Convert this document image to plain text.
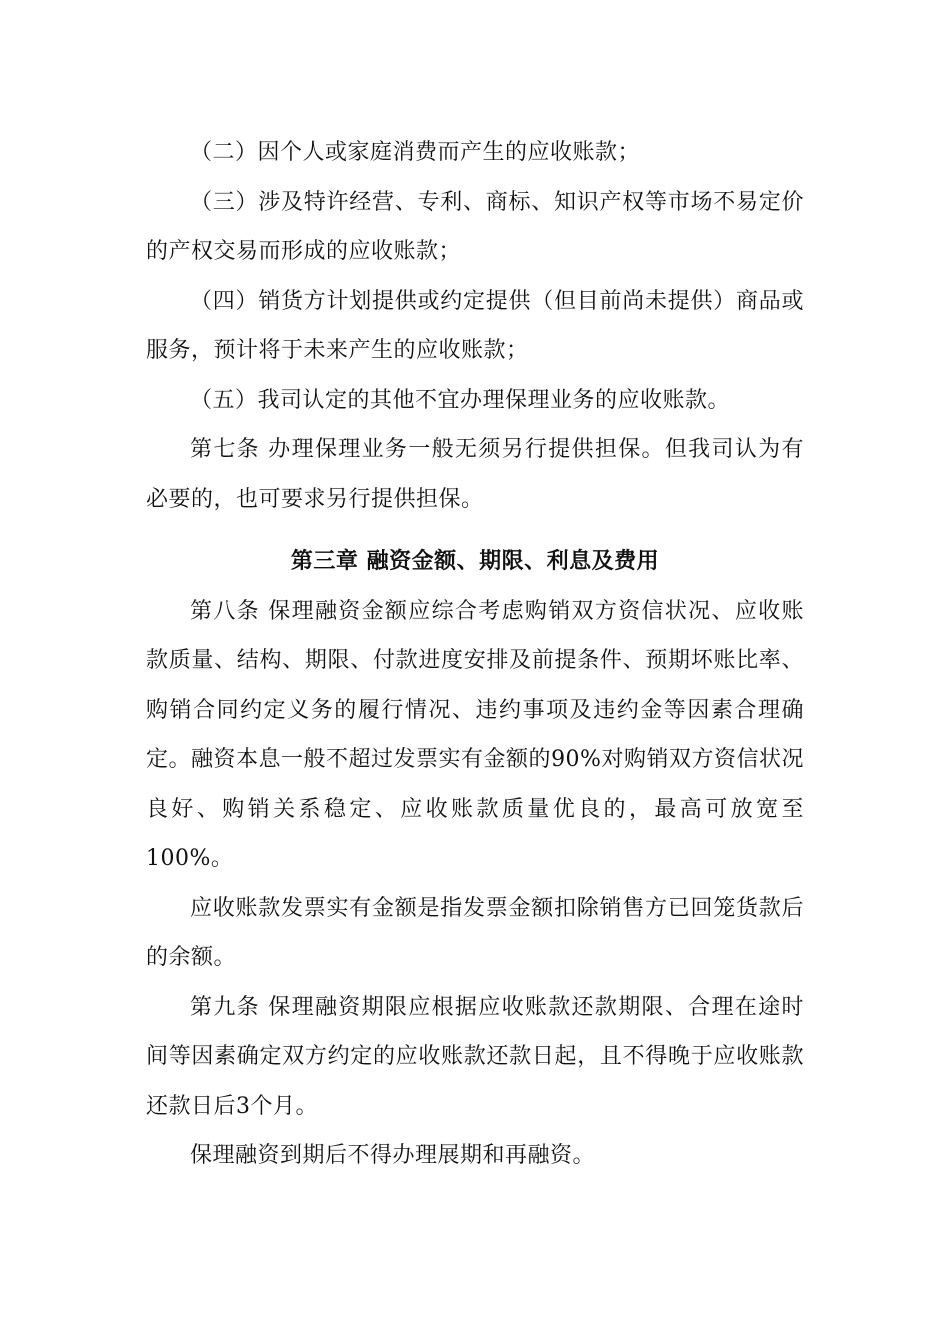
（二）因个人或家庭消费而产生的应收账款；

（三）涉及特许经营、专利、商标、知识产权等市场不易定价的产权交易而形成的应收账款；

（四）销货方计划提供或约定提供（但目前尚未提供）商品或服务，预计将于未来产生的应收账款；

（五）我司认定的其他不宜办理保理业务的应收账款。

第七条 办理保理业务一般无须另行提供担保。但我司认为有必要的，也可要求另行提供担保。

第三章 融资金额、期限、利息及费用

第八条 保理融资金额应综合考虑购销双方资信状况、应收账款质量、结构、期限、付款进度安排及前提条件、预期坏账比率、购销合同约定义务的履行情况、违约事项及违约金等因素合理确定。融资本息一般不超过发票实有金额的90%对购销双方资信状况良好、购销关系稳定、应收账款质量优良的，最高可放宽至100%。

应收账款发票实有金额是指发票金额扣除销售方已回笼货款后的余额。

第九条 保理融资期限应根据应收账款还款期限、合理在途时间等因素确定双方约定的应收账款还款日起，且不得晚于应收账款还款日后3个月。

保理融资到期后不得办理展期和再融资。
